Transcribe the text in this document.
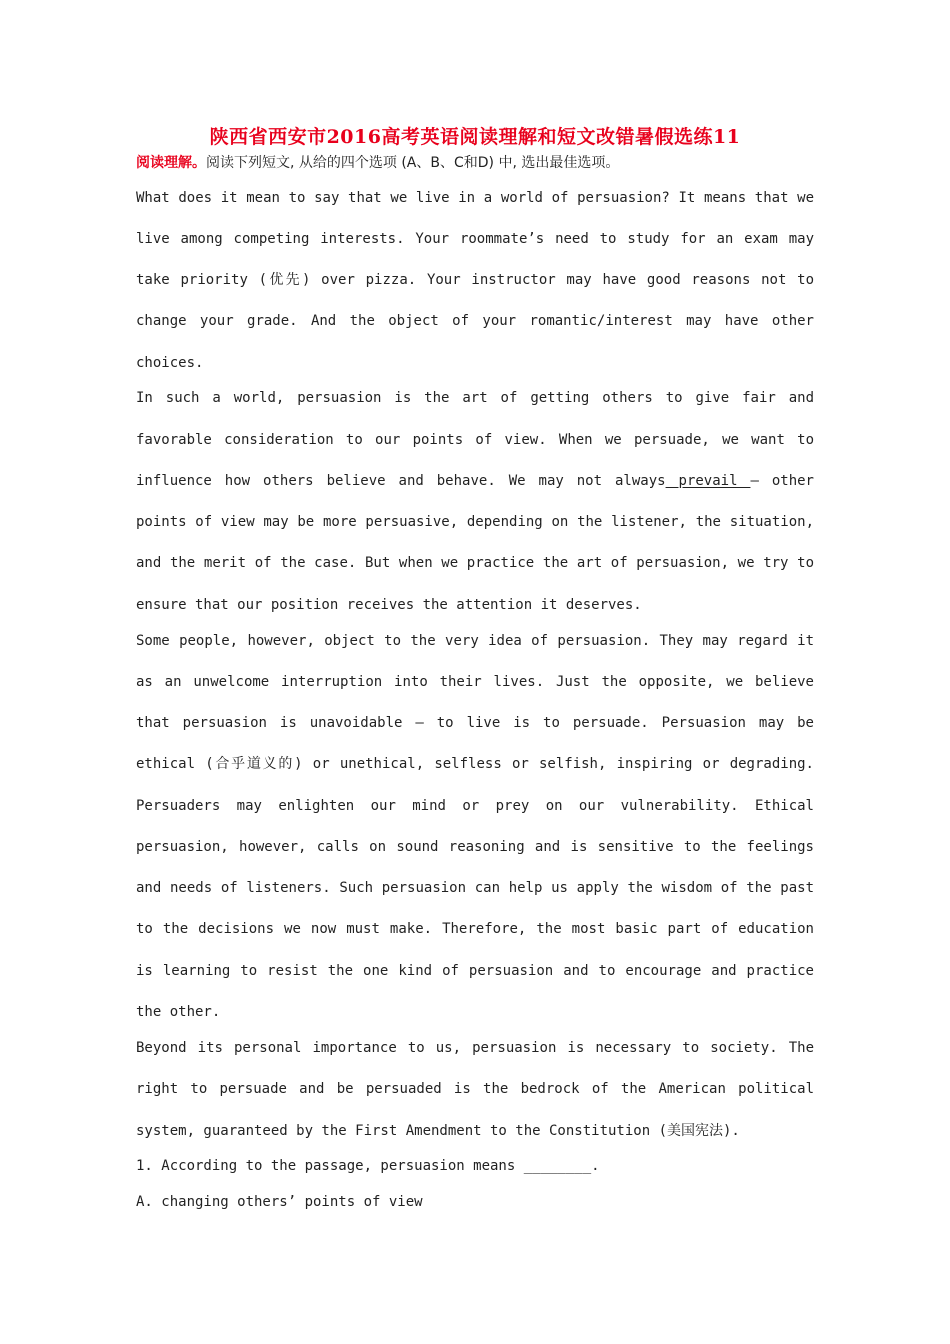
陕西省西安市2016高考英语阅读理解和短文改错暑假选练11
阅读理解。阅读下列短文, 从给的四个选项 (A、B、C和D) 中, 选出最佳选项。
What does it mean to say that we live in a world of persuasion? It means that we
live among competing interests. Your roommate’s need to study for an exam may
take priority (优先) over pizza. Your instructor may have good reasons not to
change your grade. And the object of your romantic/interest may have other
choices.
In such a world, persuasion is the art of getting others to give fair and
favorable consideration to our points of view. When we persuade, we want to
influence how others believe and behave. We may not always prevail — other
points of view may be more persuasive, depending on the listener, the situation,
and the merit of the case. But when we practice the art of persuasion, we try to
ensure that our position receives the attention it deserves.
Some people, however, object to the very idea of persuasion. They may regard it
as an unwelcome interruption into their lives. Just the opposite, we believe
that persuasion is unavoidable — to live is to persuade. Persuasion may be
ethical (合乎道义的) or unethical, selfless or selfish, inspiring or degrading.
Persuaders may enlighten our mind or prey on our vulnerability. Ethical
persuasion, however, calls on sound reasoning and is sensitive to the feelings
and needs of listeners. Such persuasion can help us apply the wisdom of the past
to the decisions we now must make. Therefore, the most basic part of education
is learning to resist the one kind of persuasion and to encourage and practice
the other.
Beyond its personal importance to us, persuasion is necessary to society. The
right to persuade and be persuaded is the bedrock of the American political
system, guaranteed by the First Amendment to the Constitution (美国宪法).
1. According to the passage, persuasion means ________.
A. changing others’ points of view
